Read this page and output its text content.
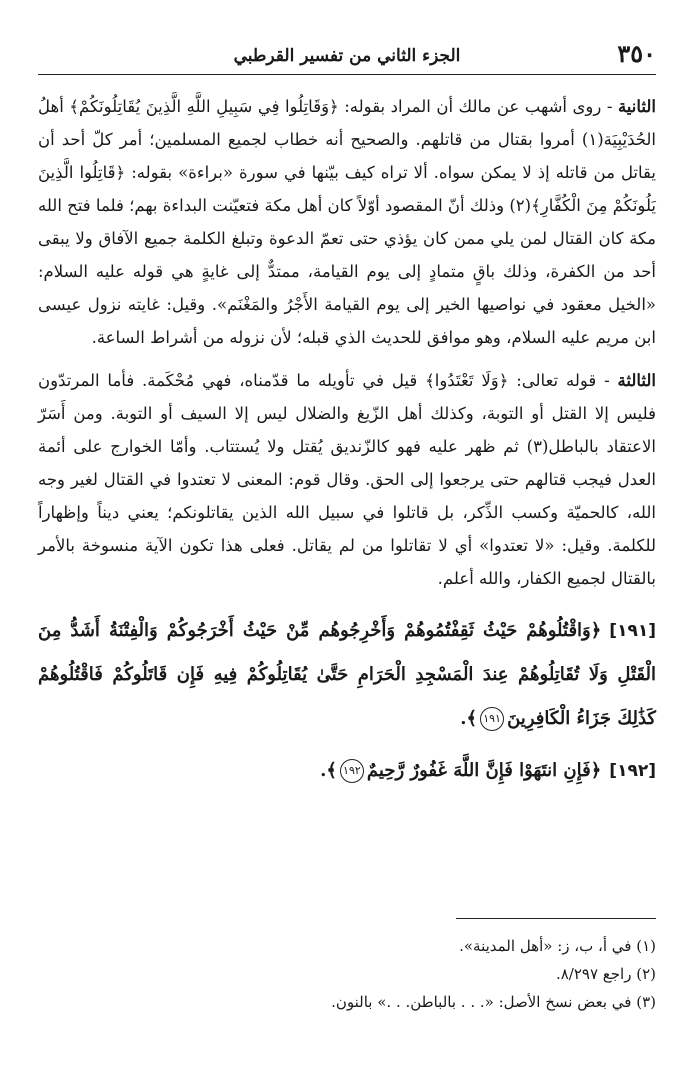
٣٥٠
الجزء الثاني من تفسير القرطبي

الثانية - روى أشهب عن مالك أن المراد بقوله: ﴿وَقَاتِلُوا فِي سَبِيلِ اللَّهِ الَّذِينَ يُقَاتِلُونَكُمْ﴾ أهلُ الحُدَيْبِيَة(١) أمروا بقتال من قاتلهم. والصحيح أنه خطاب لجميع المسلمين؛ أمر كلّ أحد أن يقاتل من قاتله إذ لا يمكن سواه. ألا تراه كيف بيّنها في سورة «براءة» بقوله: ﴿قَاتِلُوا الَّذِينَ يَلُونَكُمْ مِنَ الْكُفَّارِ﴾(٢) وذلك أنّ المقصود أوّلاً كان أهل مكة فتعيّنت البداءة بهم؛ فلما فتح الله مكة كان القتال لمن يلي ممن كان يؤذي حتى تعمّ الدعوة وتبلغ الكلمة جميع الآفاق ولا يبقى أحد من الكفرة، وذلك باقٍ متمادٍ إلى يوم القيامة، ممتدٌّ إلى غايةٍ هي قوله عليه السلام: «الخيل معقود في نواصيها الخير إلى يوم القيامة الأَجْرُ والمَغْنَم». وقيل: غايته نزول عيسى ابن مريم عليه السلام، وهو موافق للحديث الذي قبله؛ لأن نزوله من أشراط الساعة.

الثالثة - قوله تعالى: ﴿وَلَا تَعْتَدُوا﴾ قيل في تأويله ما قدّمناه، فهي مُحْكَمة. فأما المرتدّون فليس إلا القتل أو التوبة، وكذلك أهل الزّيغ والضلال ليس إلا السيف أو التوبة. ومن أَسَرّ الاعتقاد بالباطل(٣) ثم ظهر عليه فهو كالزّنديق يُقتل ولا يُستتاب. وأمّا الخوارج على أئمة العدل فيجب قتالهم حتى يرجعوا إلى الحق. وقال قوم: المعنى لا تعتدوا في القتال لغير وجه الله، كالحميّة وكسب الذِّكر، بل قاتلوا في سبيل الله الذين يقاتلونكم؛ يعني ديناً وإظهاراً للكلمة. وقيل: «لا تعتدوا» أي لا تقاتلوا من لم يقاتل. فعلى هذا تكون الآية منسوخة بالأمر بالقتال لجميع الكفار، والله أعلم.

[١٩١]﴿وَاقْتُلُوهُمْ حَيْثُ ثَقِفْتُمُوهُمْ وَأَخْرِجُوهُم مِّنْ حَيْثُ أَخْرَجُوكُمْ وَالْفِتْنَةُ أَشَدُّ مِنَ الْقَتْلِ وَلَا تُقَاتِلُوهُمْ عِندَ الْمَسْجِدِ الْحَرَامِ حَتَّىٰ يُقَاتِلُوكُمْ فِيهِ فَإِن قَاتَلُوكُمْ فَاقْتُلُوهُمْ كَذَٰلِكَ جَزَاءُ الْكَافِرِينَ١٩١﴾.

[١٩٢]﴿فَإِنِ انتَهَوْا فَإِنَّ اللَّهَ غَفُورٌ رَّحِيمٌ١٩٢﴾.

(١) في أ، ب، ز: «أهل المدينة».

(٢) راجع ٨/٢٩٧.

(٣) في بعض نسخ الأصل: «. . . بالباطن. . .» بالنون.
